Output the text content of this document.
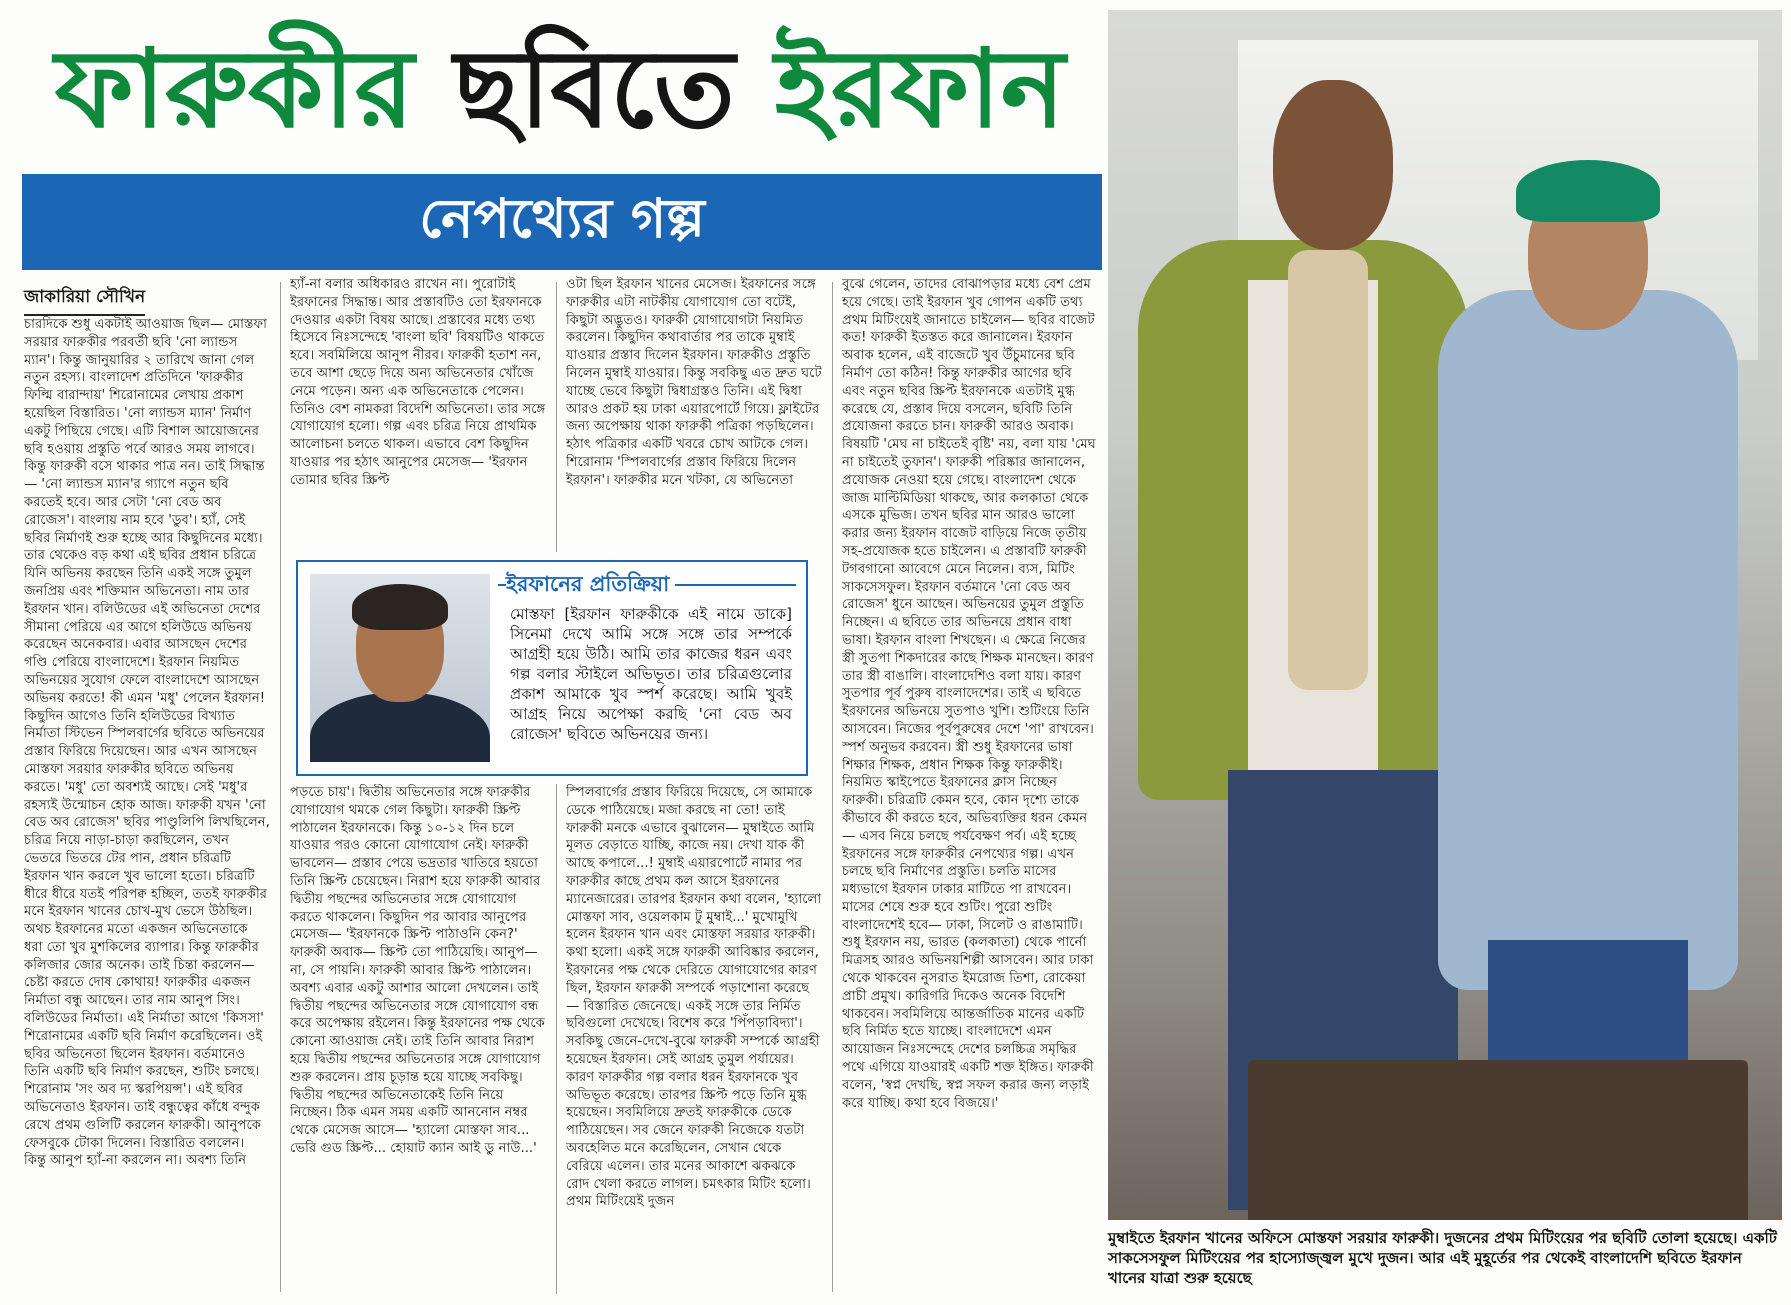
ফারুকীর ছবিতে ইরফান
নেপথ্যের গল্প
জাকারিয়া সৌখিন

চারদিকে শুধু একটাই আওয়াজ ছিল— মোস্তফা সরয়ার ফারুকীর পরবর্তী ছবি 'নো ল্যান্ডস ম্যান'। কিন্তু জানুয়ারির ২ তারিখে জানা গেল নতুন রহস্য। বাংলাদেশ প্রতিদিনে 'ফারুকীর ফিল্মি বারান্দায়' শিরোনামের লেখায় প্রকাশ হয়েছিল বিস্তারিত। 'নো ল্যান্ডস ম্যান' নির্মাণ একটু পিছিয়ে গেছে। এটি বিশাল আয়োজনের ছবি হওয়ায় প্রস্তুতি পর্বে আরও সময় লাগবে। কিন্তু ফারুকী বসে থাকার পাত্র নন। তাই সিদ্ধান্ত— 'নো ল্যান্ডস ম্যান'র গ্যাপে নতুন ছবি করতেই হবে। আর সেটা 'নো বেড অব রোজেস'। বাংলায় নাম হবে 'ডুব'। হ্যাঁ, সেই ছবির নির্মাণই শুরু হচ্ছে আর কিছুদিনের মধ্যে। তার থেকেও বড় কথা এই ছবির প্রধান চরিত্রে যিনি অভিনয় করছেন তিনি একই সঙ্গে তুমুল জনপ্রিয় এবং শক্তিমান অভিনেতা। নাম তার ইরফান খান। বলিউডের এই অভিনেতা দেশের সীমানা পেরিয়ে এর আগে হলিউডে অভিনয় করেছেন অনেকবার। এবার আসছেন দেশের গণ্ডি পেরিয়ে বাংলাদেশে। ইরফান নিয়মিত অভিনয়ের সুযোগ ফেলে বাংলাদেশে আসছেন অভিনয় করতে! কী এমন 'মধু' পেলেন ইরফান! কিছুদিন আগেও তিনি হলিউডের বিখ্যাত নির্মাতা স্টিভেন স্পিলবার্গের ছবিতে অভিনয়ের প্রস্তাব ফিরিয়ে দিয়েছেন। আর এখন আসছেন মোস্তফা সরয়ার ফারুকীর ছবিতে অভিনয় করতে। 'মধু' তো অবশ্যই আছে। সেই 'মধু'র রহস্যই উন্মোচন হোক আজ। ফারুকী যখন 'নো বেড অব রোজেস' ছবির পাণ্ডুলিপি লিখছিলেন, চরিত্র নিয়ে নাড়া-চাড়া করছিলেন, তখন ভেতরে ভিতরে টের পান, প্রধান চরিত্রটি ইরফান খান করলে খুব ভালো হতো। চরিত্রটি ধীরে ধীরে যতই পরিপক্ব হচ্ছিল, ততই ফারুকীর মনে ইরফান খানের চোখ-মুখ ভেসে উঠছিল। অথচ ইরফানের মতো একজন অভিনেতাকে ধরা তো খুব মুশকিলের ব্যাপার। কিন্তু ফারুকীর কলিজার জোর অনেক। তাই চিন্তা করলেন— চেষ্টা করতে দোষ কোথায়! ফারুকীর একজন নির্মাতা বন্ধু আছেন। তার নাম আনুপ সিং। বলিউডের নির্মাতা। এই নির্মাতা আগে 'কিসসা' শিরোনামের একটি ছবি নির্মাণ করেছিলেন। ওই ছবির অভিনেতা ছিলেন ইরফান। বর্তমানেও তিনি একটি ছবি নির্মাণ করছেন, শুটিং চলছে। শিরোনাম 'সং অব দ্য স্করপিয়ন্স'। এই ছবির অভিনেতাও ইরফান। তাই বন্ধুত্বের কাঁধে বন্দুক রেখে প্রথম গুলিটি করলেন ফারুকী। আনুপকে ফেসবুকে টোকা দিলেন। বিস্তারিত বললেন। কিন্তু আনুপ হ্যাঁ-না করলেন না। অবশ্য তিনি

হ্যাঁ-না বলার অধিকারও রাখেন না। পুরোটাই ইরফানের সিদ্ধান্ত। আর প্রস্তাবটিও তো ইরফানকে দেওয়ার একটা বিষয় আছে। প্রস্তাবের মধ্যে তথ্য হিসেবে নিঃসন্দেহে 'বাংলা ছবি' বিষয়টিও থাকতে হবে। সবমিলিয়ে আনুপ নীরব। ফারুকী হতাশ নন, তবে আশা ছেড়ে দিয়ে অন্য অভিনেতার খোঁজে নেমে পড়েন। অন্য এক অভিনেতাকে পেলেন। তিনিও বেশ নামকরা বিদেশি অভিনেতা। তার সঙ্গে যোগাযোগ হলো। গল্প এবং চরিত্র নিয়ে প্রাথমিক আলোচনা চলতে থাকল। এভাবে বেশ কিছুদিন যাওয়ার পর হঠাৎ আনুপের মেসেজ— 'ইরফান তোমার ছবির স্ক্রিপ্ট

ওটা ছিল ইরফান খানের মেসেজ। ইরফানের সঙ্গে ফারুকীর এটা নাটকীয় যোগাযোগ তো বটেই, কিছুটা অদ্ভুতও। ফারুকী যোগাযোগটা নিয়মিত করলেন। কিছুদিন কথাবার্তার পর তাকে মুম্বাই যাওয়ার প্রস্তাব দিলেন ইরফান। ফারুকীও প্রস্তুতি নিলেন মুম্বাই যাওয়ার। কিন্তু সবকিছু এত দ্রুত ঘটে যাচ্ছে ভেবে কিছুটা দ্বিধাগ্রস্তও তিনি। এই দ্বিধা আরও প্রকট হয় ঢাকা এয়ারপোর্টে গিয়ে। ফ্লাইটের জন্য অপেক্ষায় থাকা ফারুকী পত্রিকা পড়ছিলেন। হঠাৎ পত্রিকার একটি খবরে চোখ আটকে গেল। শিরোনাম 'স্পিলবার্গের প্রস্তাব ফিরিয়ে দিলেন ইরফান'। ফারুকীর মনে খটকা, যে অভিনেতা

ইরফানের প্রতিক্রিয়া
মোস্তফা [ইরফান ফারুকীকে এই নামে ডাকে] সিনেমা দেখে আমি সঙ্গে সঙ্গে তার সম্পর্কে আগ্রহী হয়ে উঠি। আমি তার কাজের ধরন এবং গল্প বলার স্টাইলে অভিভূত। তার চরিত্রগুলোর প্রকাশ আমাকে খুব স্পর্শ করেছে। আমি খুবই আগ্রহ নিয়ে অপেক্ষা করছি 'নো বেড অব রোজেস' ছবিতে অভিনয়ের জন্য।

পড়তে চায়'। দ্বিতীয় অভিনেতার সঙ্গে ফারুকীর যোগাযোগ থমকে গেল কিছুটা। ফারুকী স্ক্রিপ্ট পাঠালেন ইরফানকে। কিন্তু ১০-১২ দিন চলে যাওয়ার পরও কোনো যোগাযোগ নেই। ফারুকী ভাবলেন— প্রস্তাব পেয়ে ভদ্রতার খাতিরে হয়তো তিনি স্ক্রিপ্ট চেয়েছেন। নিরাশ হয়ে ফারুকী আবার দ্বিতীয় পছন্দের অভিনেতার সঙ্গে যোগাযোগ করতে থাকলেন। কিছুদিন পর আবার আনুপের মেসেজ— 'ইরফানকে স্ক্রিপ্ট পাঠাওনি কেন?' ফারুকী অবাক— স্ক্রিপ্ট তো পাঠিয়েছি। আনুপ— না, সে পায়নি। ফারুকী আবার স্ক্রিপ্ট পাঠালেন। অবশ্য এবার একটু আশার আলো দেখলেন। তাই দ্বিতীয় পছন্দের অভিনেতার সঙ্গে যোগাযোগ বন্ধ করে অপেক্ষায় রইলেন। কিন্তু ইরফানের পক্ষ থেকে কোনো আওয়াজ নেই। তাই তিনি আবার নিরাশ হয়ে দ্বিতীয় পছন্দের অভিনেতার সঙ্গে যোগাযোগ শুরু করলেন। প্রায় চূড়ান্ত হয়ে যাচ্ছে সবকিছু। দ্বিতীয় পছন্দের অভিনেতাকেই তিনি নিয়ে নিচ্ছেন। ঠিক এমন সময় একটি আননোন নম্বর থেকে মেসেজ আসে— 'হ্যালো মোস্তফা সাব... ভেরি গুড স্ক্রিপ্ট... হোয়াট ক্যান আই ডু নাউ...'

স্পিলবার্গের প্রস্তাব ফিরিয়ে দিয়েছে, সে আমাকে ডেকে পাঠিয়েছে। মজা করছে না তো! তাই ফারুকী মনকে এভাবে বুঝালেন— মুম্বাইতে আমি মূলত বেড়াতে যাচ্ছি, কাজে নয়। দেখা যাক কী আছে কপালে...! মুম্বাই এয়ারপোর্টে নামার পর ফারুকীর কাছে প্রথম কল আসে ইরফানের ম্যানেজারের। তারপর ইরফান কথা বলেন, 'হ্যালো মোস্তফা সাব, ওয়েলকাম টু মুম্বাই...' মুখোমুখি হলেন ইরফান খান এবং মোস্তফা সরয়ার ফারুকী। কথা হলো। একই সঙ্গে ফারুকী আবিষ্কার করলেন, ইরফানের পক্ষ থেকে দেরিতে যোগাযোগের কারণ ছিল, ইরফান ফারুকী সম্পর্কে পড়াশোনা করেছে— বিস্তারিত জেনেছে। একই সঙ্গে তার নির্মিত ছবিগুলো দেখেছে। বিশেষ করে 'পিঁপড়াবিদ্যা'। সবকিছু জেনে-দেখে-বুঝে ফারুকী সম্পর্কে আগ্রহী হয়েছেন ইরফান। সেই আগ্রহ তুমুল পর্যায়ের। কারণ ফারুকীর গল্প বলার ধরন ইরফানকে খুব অভিভূত করেছে। তারপর স্ক্রিপ্ট পড়ে তিনি মুগ্ধ হয়েছেন। সবমিলিয়ে দ্রুতই ফারুকীকে ডেকে পাঠিয়েছেন। সব জেনে ফারুকী নিজেকে যতটা অবহেলিত মনে করেছিলেন, সেখান থেকে বেরিয়ে এলেন। তার মনের আকাশে ঝকঝকে রোদ খেলা করতে লাগল। চমৎকার মিটিং হলো। প্রথম মিটিংয়েই দুজন

বুঝে গেলেন, তাদের বোঝাপড়ার মধ্যে বেশ প্রেম হয়ে গেছে। তাই ইরফান খুব গোপন একটি তথ্য প্রথম মিটিংয়েই জানাতে চাইলেন— ছবির বাজেট কত! ফারুকী ইতস্তত করে জানালেন। ইরফান অবাক হলেন, এই বাজেটে খুব উঁচুমানের ছবি নির্মাণ তো কঠিন! কিন্তু ফারুকীর আগের ছবি এবং নতুন ছবির স্ক্রিপ্ট ইরফানকে এতটাই মুগ্ধ করেছে যে, প্রস্তাব দিয়ে বসলেন, ছবিটি তিনি প্রযোজনা করতে চান। ফারুকী আরও অবাক। বিষয়টি 'মেঘ না চাইতেই বৃষ্টি' নয়, বলা যায় 'মেঘ না চাইতেই তুফান'। ফারুকী পরিষ্কার জানালেন, প্রযোজক নেওয়া হয়ে গেছে। বাংলাদেশ থেকে জাজ মাল্টিমিডিয়া থাকছে, আর কলকাতা থেকে এসকে মুভিজ। তখন ছবির মান আরও ভালো করার জন্য ইরফান বাজেট বাড়িয়ে নিজে তৃতীয় সহ-প্রযোজক হতে চাইলেন। এ প্রস্তাবটি ফারুকী টগবগানো আবেগে মেনে নিলেন। ব্যস, মিটিং সাকসেসফুল। ইরফান বর্তমানে 'নো বেড অব রোজেস' ধুনে আছেন। অভিনয়ের তুমুল প্রস্তুতি নিচ্ছেন। এ ছবিতে তার অভিনয়ে প্রধান বাধা ভাষা। ইরফান বাংলা শিখছেন। এ ক্ষেত্রে নিজের স্ত্রী সুতপা শিকদারের কাছে শিক্ষক মানছেন। কারণ তার স্ত্রী বাঙালি। বাংলাদেশিও বলা যায়। কারণ সুতপার পূর্ব পুরুষ বাংলাদেশের। তাই এ ছবিতে ইরফানের অভিনয়ে সুতপাও খুশি। শুটিংয়ে তিনি আসবেন। নিজের পূর্বপুরুষের দেশে 'পা' রাখবেন। স্পর্শ অনুভব করবেন। স্ত্রী শুধু ইরফানের ভাষা শিক্ষার শিক্ষক, প্রধান শিক্ষক কিন্তু ফারুকীই। নিয়মিত স্কাইপেতে ইরফানের ক্লাস নিচ্ছেন ফারুকী। চরিত্রটি কেমন হবে, কোন দৃশ্যে তাকে কীভাবে কী করতে হবে, অভিব্যক্তির ধরন কেমন— এসব নিয়ে চলছে পর্যবেক্ষণ পর্ব। এই হচ্ছে ইরফানের সঙ্গে ফারুকীর নেপথ্যের গল্প। এখন চলছে ছবি নির্মাণের প্রস্তুতি। চলতি মাসের মধ্যভাগে ইরফান ঢাকার মাটিতে পা রাখবেন। মাসের শেষে শুরু হবে শুটিং। পুরো শুটিং বাংলাদেশেই হবে— ঢাকা, সিলেট ও রাঙামাটি। শুধু ইরফান নয়, ভারত (কলকাতা) থেকে পার্নো মিত্রসহ আরও অভিনয়শিল্পী আসবেন। আর ঢাকা থেকে থাকবেন নুসরাত ইমরোজ তিশা, রোকেয়া প্রাচী প্রমুখ। কারিগরি দিকেও অনেক বিদেশি থাকবেন। সবমিলিয়ে আন্তর্জাতিক মানের একটি ছবি নির্মিত হতে যাচ্ছে। বাংলাদেশে এমন আয়োজন নিঃসন্দেহে দেশের চলচ্চিত্র সমৃদ্ধির পথে এগিয়ে যাওয়ারই একটি শক্ত ইঙ্গিত। ফারুকী বলেন, 'স্বপ্ন দেখছি, স্বপ্ন সফল করার জন্য লড়াই করে যাচ্ছি। কথা হবে বিজয়ে।'

মুম্বাইতে ইরফান খানের অফিসে মোস্তফা সরয়ার ফারুকী। দুজনের প্রথম মিটিংয়ের পর ছবিটি তোলা হয়েছে। একটি সাকসেসফুল মিটিংয়ের পর হাস্যোজ্জ্বল মুখে দুজন। আর এই মুহূর্তের পর থেকেই বাংলাদেশি ছবিতে ইরফান খানের যাত্রা শুরু হয়েছে
